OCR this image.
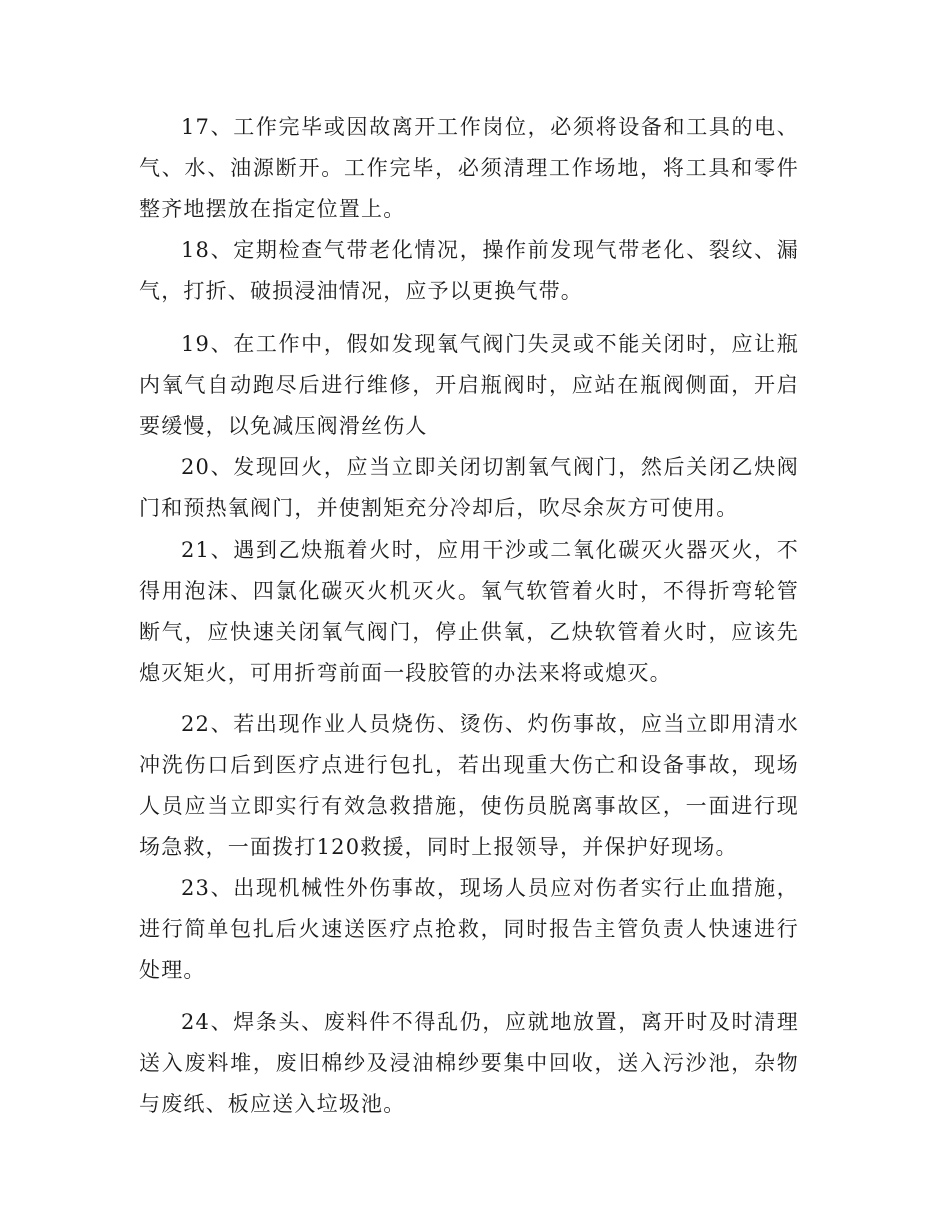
17、工作完毕或因故离开工作岗位，必须将设备和工具的电、气、水、油源断开。工作完毕，必须清理工作场地，将工具和零件整齐地摆放在指定位置上。

18、定期检查气带老化情况，操作前发现气带老化、裂纹、漏气，打折、破损浸油情况，应予以更换气带。

19、在工作中，假如发现氧气阀门失灵或不能关闭时，应让瓶内氧气自动跑尽后进行维修，开启瓶阀时，应站在瓶阀侧面，开启要缓慢，以免减压阀滑丝伤人

20、发现回火，应当立即关闭切割氧气阀门，然后关闭乙炔阀门和预热氧阀门，并使割矩充分冷却后，吹尽余灰方可使用。

21、遇到乙炔瓶着火时，应用干沙或二氧化碳灭火器灭火，不得用泡沫、四氯化碳灭火机灭火。氧气软管着火时，不得折弯轮管断气，应快速关闭氧气阀门，停止供氧，乙炔软管着火时，应该先熄灭矩火，可用折弯前面一段胶管的办法来将或熄灭。

22、若出现作业人员烧伤、烫伤、灼伤事故，应当立即用清水冲洗伤口后到医疗点进行包扎，若出现重大伤亡和设备事故，现场人员应当立即实行有效急救措施，使伤员脱离事故区，一面进行现场急救，一面拨打120救援，同时上报领导，并保护好现场。

23、出现机械性外伤事故，现场人员应对伤者实行止血措施，进行简单包扎后火速送医疗点抢救，同时报告主管负责人快速进行处理。

24、焊条头、废料件不得乱仍，应就地放置，离开时及时清理送入废料堆，废旧棉纱及浸油棉纱要集中回收，送入污沙池，杂物与废纸、板应送入垃圾池。
